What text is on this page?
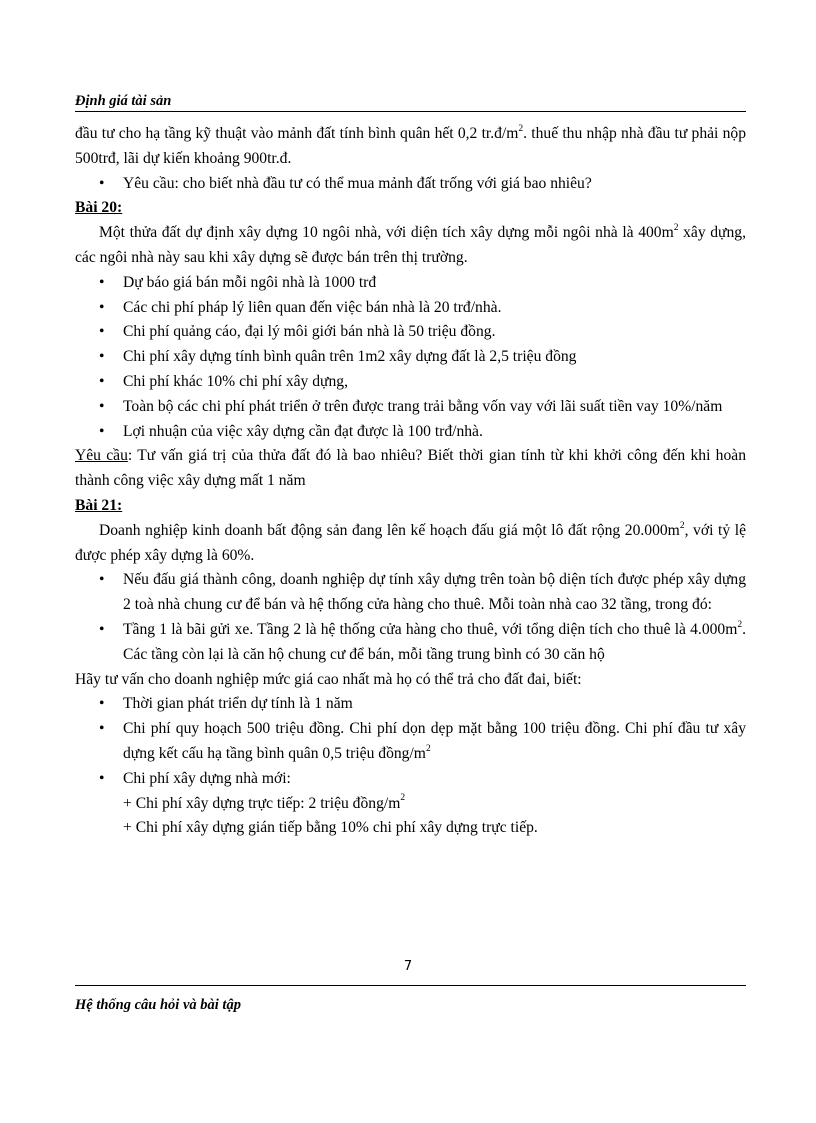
Định giá tài sản

đầu tư cho hạ tầng kỹ thuật vào mảnh đất tính bình quân hết 0,2 $tr.đ/m^2$. thuế thu nhập nhà đầu tư phải nộp 500trđ, lãi dự kiến khoảng 900tr.đ.

•	Yêu cầu: cho biết nhà đầu tư có thể mua mảnh đất trống với giá bao nhiêu?

Bài 20:

Một thửa đất dự định xây dựng 10 ngôi nhà, với diện tích xây dựng mỗi ngôi nhà là $400m^2$ xây dựng, các ngôi nhà này sau khi xây dựng sẽ được bán trên thị trường.

•	Dự báo giá bán mỗi ngôi nhà là 1000 trđ
•	Các chi phí pháp lý liên quan đến việc bán nhà là 20 trđ/nhà.
•	Chi phí quảng cáo, đại lý môi giới bán nhà là 50 triệu đồng.
•	Chi phí xây dựng tính bình quân trên 1m2 xây dựng đất là 2,5 triệu đồng
•	Chi phí khác 10% chi phí xây dựng,
•	Toàn bộ các chi phí phát triển ở trên được trang trải bằng vốn vay với lãi suất tiền vay 10%/năm
•	Lợi nhuận của việc xây dựng cần đạt được là 100 trđ/nhà.

Yêu cầu: Tư vấn giá trị của thửa đất đó là bao nhiêu? Biết thời gian tính từ khi khởi công đến khi hoàn thành công việc xây dựng mất 1 năm

Bài 21:

Doanh nghiệp kinh doanh bất động sản đang lên kế hoạch đấu giá một lô đất rộng $20.000m^2$, với tỷ lệ được phép xây dựng là 60%.

•	Nếu đấu giá thành công, doanh nghiệp dự tính xây dựng trên toàn bộ diện tích được phép xây dựng 2 toà nhà chung cư để bán và hệ thống cửa hàng cho thuê. Mỗi toàn nhà cao 32 tầng, trong đó:
•	Tầng 1 là bãi gửi xe. Tầng 2 là hệ thống cửa hàng cho thuê, với tổng diện tích cho thuê là $4.000m^2$. Các tầng còn lại là căn hộ chung cư để bán, mỗi tầng trung bình có 30 căn hộ

Hãy tư vấn cho doanh nghiệp mức giá cao nhất mà họ có thể trả cho đất đai, biết:

•	Thời gian phát triển dự tính là 1 năm
•	Chi phí quy hoạch 500 triệu đồng. Chi phí dọn dẹp mặt bằng 100 triệu đồng. Chi phí đầu tư xây dựng kết cấu hạ tầng bình quân 0,5 triệu đồng/$m^2$
•	Chi phí xây dựng nhà mới:

+ Chi phí xây dựng trực tiếp: 2 triệu đồng/$m^2$

+ Chi phí xây dựng gián tiếp bằng 10% chi phí xây dựng trực tiếp.

7
Hệ thống câu hỏi và bài tập
